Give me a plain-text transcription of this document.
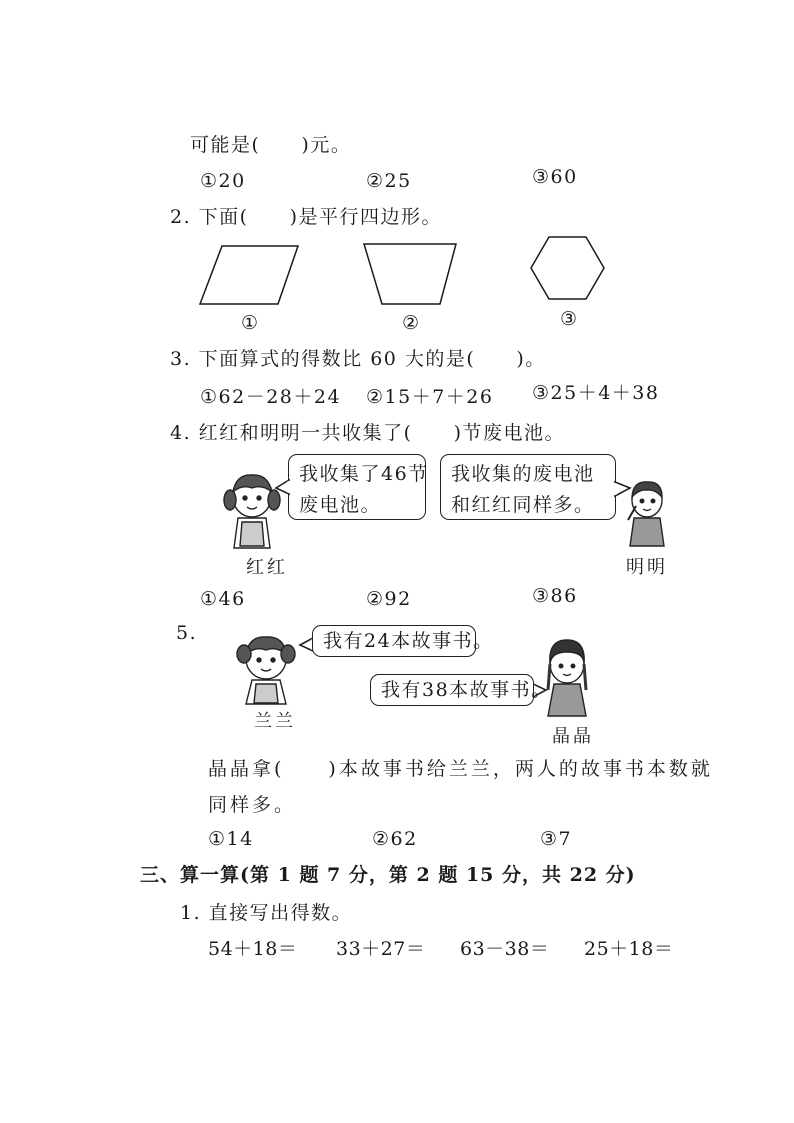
可能是(　　)元。
①20	②25	③60
2. 下面(　　)是平行四边形。
①	②	③
3. 下面算式的得数比 60 大的是(　　)。
①62－28＋24 ②15＋7＋26 ③25＋4＋38
4. 红红和明明一共收集了(　　)节废电池。
我收集了46节
废电池。
我收集的废电池
和红红同样多。
红红	明明
①46	②92	③86
5.	我有24本故事书。
我有38本故事书。
兰兰
晶晶
晶晶拿(　　)本故事书给兰兰，两人的故事书本数就
同样多。
①14	②62	③7
三、算一算(第 1 题 7 分，第 2 题 15 分，共 22 分)
1. 直接写出得数。
54＋18＝ 33＋27＝ 63－38＝ 25＋18＝
